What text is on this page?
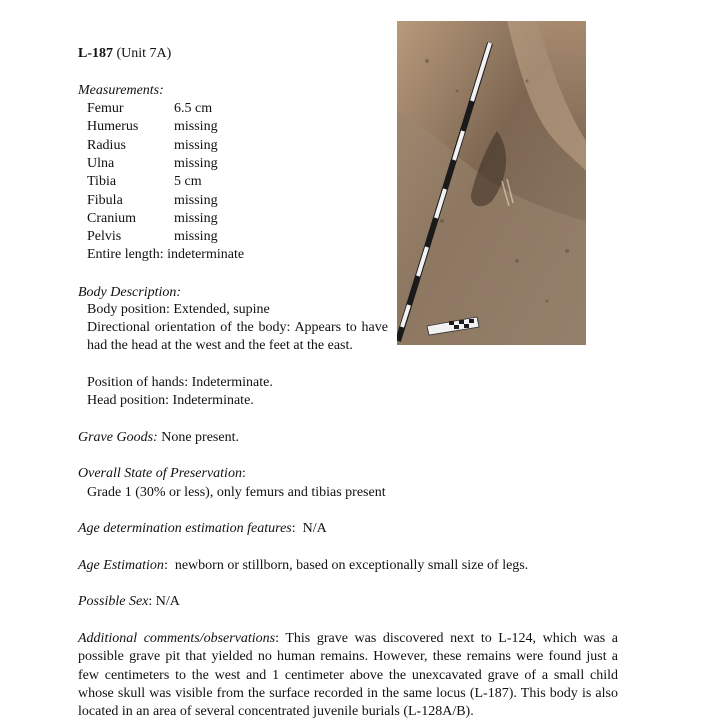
L-187 (Unit 7A)
Measurements:
Femur	6.5 cm
Humerus	missing
Radius	missing
Ulna	missing
Tibia	5 cm
Fibula	missing
Cranium	missing
Pelvis	missing
Entire length: indeterminate
Body Description:
Body position: Extended, supine
Directional orientation of the body: Appears to have had the head at the west and the feet at the east.
Position of hands: Indeterminate.
Head position: Indeterminate.
Grave Goods: None present.
Overall State of Preservation:
Grade 1 (30% or less), only femurs and tibias present
Age determination estimation features:  N/A
Age Estimation:  newborn or stillborn, based on exceptionally small size of legs.
Possible Sex: N/A
Additional comments/observations: This grave was discovered next to L-124, which was a possible grave pit that yielded no human remains. However, these remains were found just a few centimeters to the west and 1 centimeter above the unexcavated grave of a small child whose skull was visible from the surface recorded in the same locus (L-187). This body is also located in an area of several concentrated juvenile burials (L-128A/B).
